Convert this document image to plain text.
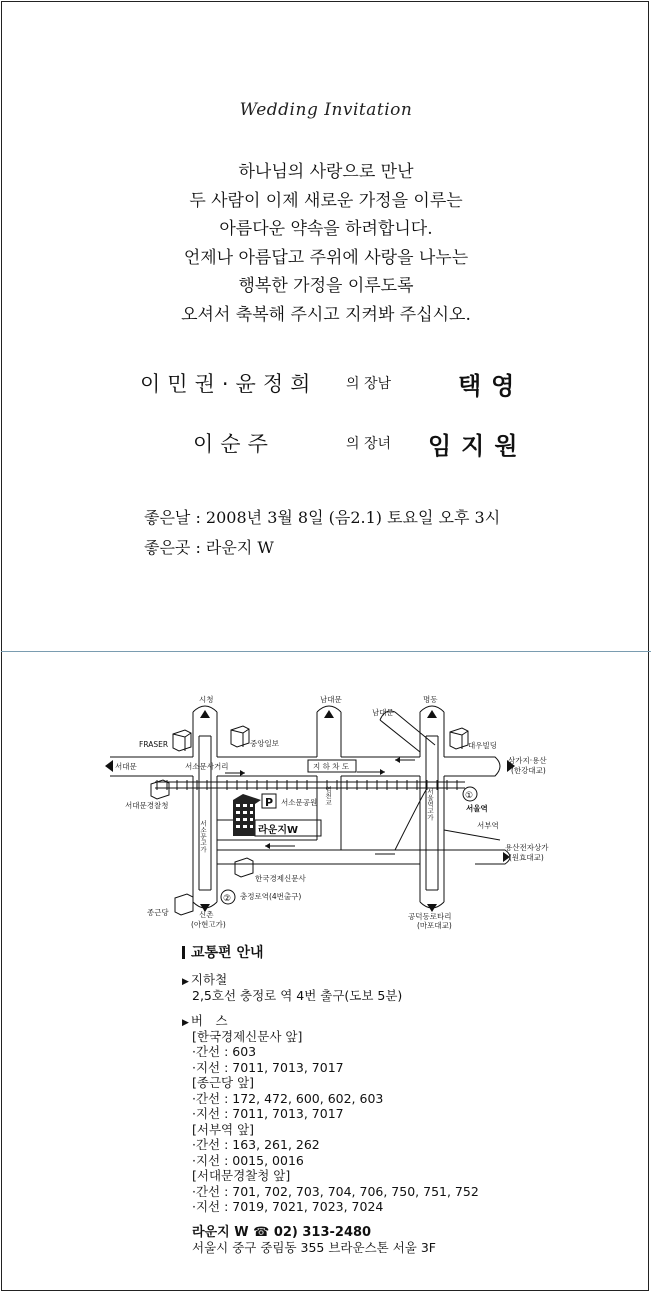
Wedding Invitation
하나님의 사랑으로 만난
두 사람이 이제 새로운 가정을 이루는
아름다운 약속을 하려합니다.
언제나 아름답고 주위에 사랑을 나누는
행복한 가정을 이루도록
오셔서 축복해 주시고 지켜봐 주십시오.
이민권·윤정희 의 장남	택영
이순주	의 장녀 임지원
좋은날 : 2008년 3월 8일 (음2.1) 토요일 오후 3시
좋은곳 : 라운지 W
시청	남대문
남대문
명동
FRASER	중앙일보	대우빌딩
서대문	서소문사거리	지 하 차 도
삼가지·용산
(한강대교)
서대문경찰청	서소문공원
서울역
서부역
용산전자상가
(원효대교)
한국경제신문사
충정로역(4번출구)
종근당	신촌
(아현고가)
공덕동로타리
(마포대교)
서소문고가
서울역고가
염천교
P
라운지W
①
②
교통편 안내
▶ 지하철
2,5호선 충정로 역 4번 출구(도보 5분)
▶ 버　스
[한국경제신문사 앞]
·간선 : 603
·지선 : 7011, 7013, 7017
[종근당 앞]
·간선 : 172, 472, 600, 602, 603
·지선 : 7011, 7013, 7017
[서부역 앞]
·간선 : 163, 261, 262
·지선 : 0015, 0016
[서대문경찰청 앞]
·간선 : 701, 702, 703, 704, 706, 750, 751, 752
·지선 : 7019, 7021, 7023, 7024
라운지 W ☎ 02) 313-2480
서울시 중구 중림동 355 브라운스톤 서울 3F
